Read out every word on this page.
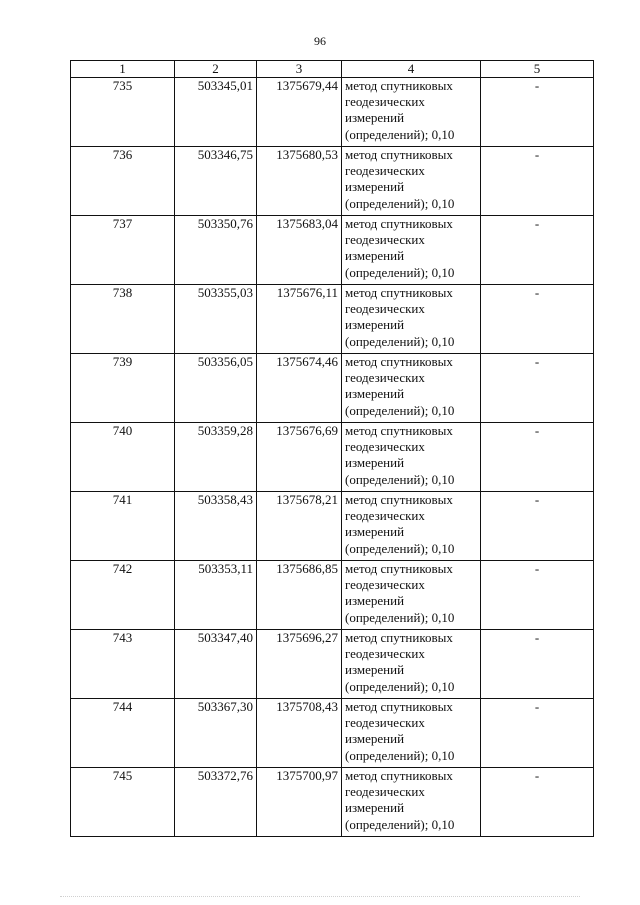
96
1	2	3	4	5
735	503345,01	1375679,44	метод спутниковых геодезических измерений (определений); 0,10	-
736	503346,75	1375680,53	метод спутниковых геодезических измерений (определений); 0,10	-
737	503350,76	1375683,04	метод спутниковых геодезических измерений (определений); 0,10	-
738	503355,03	1375676,11	метод спутниковых геодезических измерений (определений); 0,10	-
739	503356,05	1375674,46	метод спутниковых геодезических измерений (определений); 0,10	-
740	503359,28	1375676,69	метод спутниковых геодезических измерений (определений); 0,10	-
741	503358,43	1375678,21	метод спутниковых геодезических измерений (определений); 0,10	-
742	503353,11	1375686,85	метод спутниковых геодезических измерений (определений); 0,10	-
743	503347,40	1375696,27	метод спутниковых геодезических измерений (определений); 0,10	-
744	503367,30	1375708,43	метод спутниковых геодезических измерений (определений); 0,10	-
745	503372,76	1375700,97	метод спутниковых геодезических измерений (определений); 0,10	-
